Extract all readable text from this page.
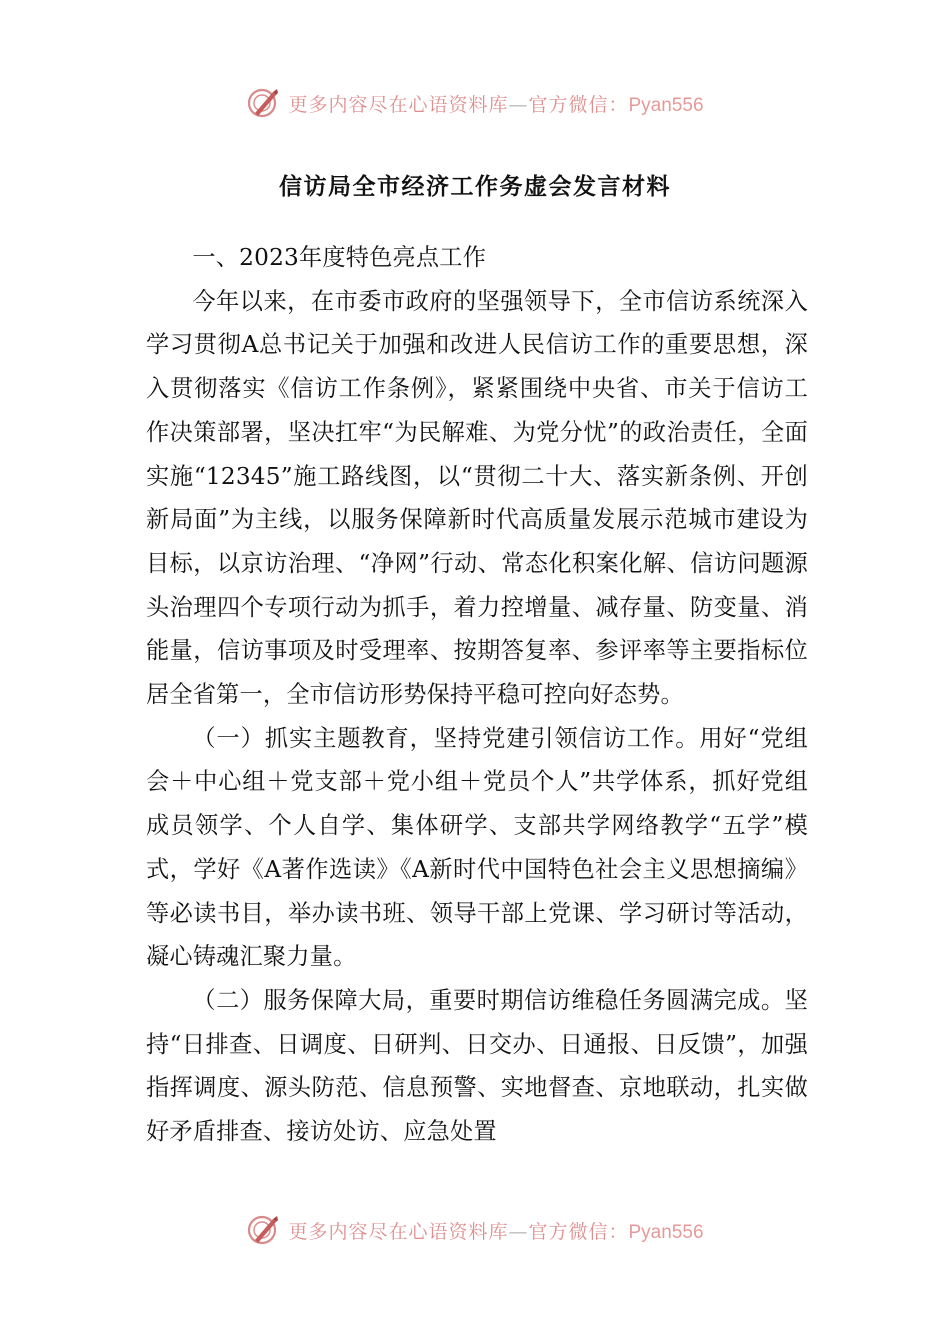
更多内容尽在心语资料库—官方微信：Pyan556
信访局全市经济工作务虚会发言材料

一、2023年度特色亮点工作

今年以来，在市委市政府的坚强领导下，全市信访系统深入学习贯彻A总书记关于加强和改进人民信访工作的重要思想，深入贯彻落实《信访工作条例》，紧紧围绕中央省、市关于信访工作决策部署，坚决扛牢“为民解难、为党分忧”的政治责任，全面实施“12345”施工路线图，以“贯彻二十大、落实新条例、开创新局面”为主线，以服务保障新时代高质量发展示范城市建设为目标，以京访治理、“净网”行动、常态化积案化解、信访问题源头治理四个专项行动为抓手，着力控增量、减存量、防变量、消能量，信访事项及时受理率、按期答复率、参评率等主要指标位居全省第一，全市信访形势保持平稳可控向好态势。

（一）抓实主题教育，坚持党建引领信访工作。用好“党组会＋中心组＋党支部＋党小组＋党员个人”共学体系，抓好党组成员领学、个人自学、集体研学、支部共学网络教学“五学”模式，学好《A著作选读》《A新时代中国特色社会主义思想摘编》等必读书目，举办读书班、领导干部上党课、学习研讨等活动，凝心铸魂汇聚力量。

（二）服务保障大局，重要时期信访维稳任务圆满完成。坚持“日排查、日调度、日研判、日交办、日通报、日反馈”，加强指挥调度、源头防范、信息预警、实地督查、京地联动，扎实做好矛盾排查、接访处访、应急处置

更多内容尽在心语资料库—官方微信：Pyan556
